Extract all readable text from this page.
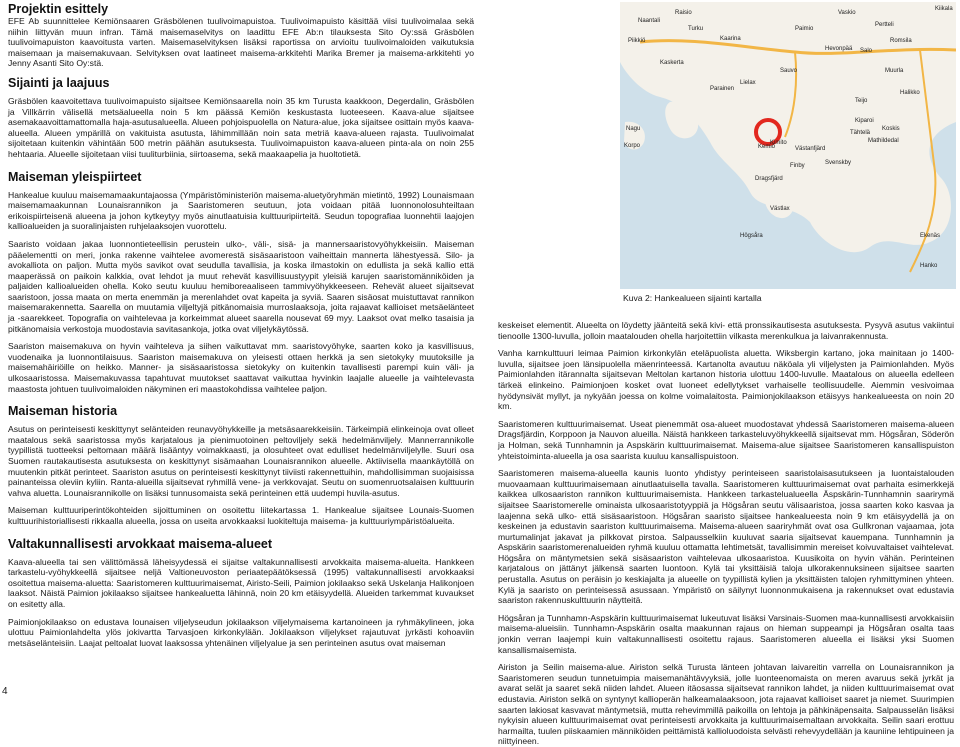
Projektin esittely

EFE Ab suunnittelee Kemiönsaaren Gräsbölenen tuulivoimapuistoa. Tuulivoimapuisto käsittää viisi tuulivoimalaa sekä niihin liittyvän muun infran. Tämä maisemaselvitys on laadittu EFE Ab:n tilauksesta Sito Oy:ssä Gräsbölen tuulivoimapuiston kaavoitusta varten. Maisemaselvityksen lisäksi raportissa on arvioitu tuulivoimaloiden vaikutuksia maisemaan ja maisemakuvaan. Selvityksen ovat laatineet maisema-arkkitehti Marika Bremer ja maisema-arkkitehti yo Jenny Asanti Sito Oy:stä.

Sijainti ja laajuus

Gräsbölen kaavoitettava tuulivoimapuisto sijaitsee Kemiönsaarella noin 35 km Turusta kaakkoon, Degerdalin, Gräsbölen ja Villkärrin välisellä metsäalueella noin 5 km päässä Kemiön keskustasta luoteeseen. Kaava-alue sijaitsee asemakaavoittamattomalla haja-asutusalueella. Alueen pohjoispuolella on Natura-alue, joka sijaitsee osittain myös kaava-alueella. Alueen ympärillä on vakituista asutusta, lähimmillään noin sata metriä kaava-alueen rajasta. Tuulivoimalat sijoitetaan kuitenkin vähintään 500 metrin päähän asutuksesta. Tuulivoimapuiston kaava-alueen pinta-ala on noin 255 hehtaaria. Alueelle sijoitetaan viisi tuuliturbiinia, siirtoasema, sekä maakaapelia ja huoltotietä.

Maiseman yleispiirteet

Hankealue kuuluu maisemamaakuntajaossa (Ympäristöministeriön maisema-aluetyöryhmän mietintö, 1992) Lounaismaan maisemamaakunnan Lounaisrannikon ja Saaristomeren seutuun, jota voidaan pitää luonnonolosuhteiltaan erikoispiirteisenä alueena ja johon kytkeytyy myös ainutlaatuisia kulttuuripiirteitä. Seudun topografiaa luonnehtii laajojen kallioalueiden ja suoralinjaisten ruhjelaaksojen vuorottelu.

Saaristo voidaan jakaa luonnontieteellisin perustein ulko-, väli-, sisä- ja mannersaaristovyöhykkeisiin. Maiseman pääelementti on meri, jonka rakenne vaihtelee avomerestä sisäsaaristoon vaiheittain mannerta lähestyessä. Silo- ja avokalliota on paljon. Mutta myös savikot ovat seudulla tavallisia, ja koska ilmastokin on edullista ja sekä kallio että maaperässä on paikoin kalkkia, ovat lehdot ja muut rehevät kasvillisuustyypit yleisiä karujen saaristomänniköiden ja paljaiden kallioalueiden ohella. Koko seutu kuuluu hemiboreaaliseen tammivyöhykkeeseen. Rehevät alueet sijaitsevat saaristoon, jossa maata on merta enemmän ja merenlahdet ovat kapeita ja syviä. Saaren sisäosat muistuttavat rannikon maisemarakennetta. Saarella on muutamia viljeltyjä pitkänomaisia murroslaaksoja, joita rajaavat kallioiset metsäelänteet ja -saarekkeet. Topografia on vaihtelevaa ja korkeimmat alueet saarella nousevat 69 myy. Laaksot ovat melko tasaisia ja pitkänomaisia verkostoja muodostavia savitasankoja, jotka ovat viljelykäytössä.

Saariston maisemakuva on hyvin vaihteleva ja siihen vaikuttavat mm. saaristovyöhyke, saarten koko ja kasvillisuus, vuodenaika ja luonnontilaisuus. Saariston maisemakuva on yleisesti ottaen herkkä ja sen sietokyky muutoksille ja maisemahäiriöille on heikko. Manner- ja sisäsaaristossa sietokyky on kuitenkin tavallisesti parempi kuin väli- ja ulkosaaristossa. Maisemakuvassa tapahtuvat muutokset saattavat vaikuttaa hyvinkin laajalle alueelle ja vaihtelevasta maastosta johtuen tuulivoimaloiden näkyminen eri maastokohdissa vaihtelee paljon.

Maiseman historia

Asutus on perinteisesti keskittynyt selänteiden reunavyöhykkeille ja metsäsaarekkeisiin. Tärkeimpiä elinkeinoja ovat olleet maatalous sekä saaristossa myös karjatalous ja pienimuotoinen peltoviljely sekä hedelmänviljely. Mannerrannikolle tyypillistä tuotteeksi peltomaan määrä lisääntyy voimakkaasti, ja olosuhteet ovat edulliset hedelmänviljelylle. Suuri osa Suomen rautakautisesta asutuksesta on keskittynyt sisämaahan Lounaisrannikon alueelle. Aktiivisella maankäytöllä on muutenkin pitkät perinteet. Saariston asutus on perinteisesti keskittynyt tiiviisti rakennettuihin, mahdollisimman suojaisissa painanteissa oleviin kyliin. Ranta-alueilla sijaitsevat ryhmillä vene- ja verkkovajat. Seutu on suomenruotsalaisen kulttuurin vahva aluetta. Lounaisrannikolle on lisäksi tunnusomaista sekä perinteinen että uudempi huvila-asutus.

Maiseman kulttuuriperintökohteiden sijoittuminen on osoitettu liitekartassa 1. Hankealue sijaitsee Lounais-Suomen kulttuurihistoriallisesti rikkaalla alueella, jossa on useita arvokkaaksi luokiteltuja maisema- ja kulttuuriympäristöalueita.

Valtakunnallisesti arvokkaat maisema-alueet

Kaava-alueella tai sen välittömässä läheisyydessä ei sijaitse valtakunnallisesti arvokkaita maisema-alueita. Hankkeen tarkastelu-vyöhykkeellä sijaitsee neljä Valtioneuvoston periaatepäätöksessä (1995) valtakunnallisesti arvokkaaksi osoitettua maisema-aluetta: Saaristomeren kulttuurimaisemat, Airisto-Seili, Paimion jokilaakso sekä Uskelanja Halikonjoen laaksot. Näistä Paimion jokilaakso sijaitsee hankealuetta lähinnä, noin 20 km etäisyydellä. Alueiden tarkemmat kuvaukset on esitetty alla.

Paimionjokilaakso on edustava lounaisen viljelyseudun jokilaakson viljelymaisema kartanoineen ja ryhmäkylineen, joka ulottuu Paimionlahdelta ylös jokivartta Tarvasjoen kirkonkylään. Jokilaakson viljelykset rajautuvat jyrkästi kohoaviin metsäselänteisiin. Laajat peltoalat luovat laaksossa yhtenäinen viljelyalue ja sen perinteinen asutus ovat maiseman

Naantali
Raisio
Turku
Kaarina
Paimio
Vaskio
Pertteli
Kiikala
Sauvo
Kaskerta
Lielax
Parainen
Muurla
Romsila
Salo
Teijo
Halikko
Kiparoi
Kimito
Västanfjärd
Dragsfjärd
Finby	Svenskby
Västlax
Högsåra	Ekenäs
Hanko
Nagu
Korpo
Tähtelä
Hevonpää
Piikkiö
Kemiö
Koskis
Mathildedal
Kuva 2: Hankealueen sijainti kartalla

keskeiset elementit. Alueelta on löydetty jäänteitä sekä kivi- että pronssikautisesta asutuksesta. Pysyvä asutus vakiintui tienoolle 1300-luvulla, jolloin maatalouden ohella harjoitettiin vilkasta merenkulkua ja laivanrakennusta.

Vanha karnkulttuuri leimaa Paimion kirkonkylän eteläpuolista aluetta. Wiksbergin kartano, joka mainitaan jo 1400-luvulla, sijaitsee joen länsipuolella mäenrinteessä. Kartanolta avautuu näköala yli viljelysten ja Paimionlahden. Myös Paimionlahden itärannalta sijaitsevan Meltolan kartanon historia ulottuu 1400-luvulle. Maatalous on alueella edelleen tärkeä elinkeino. Paimionjoen kosket ovat luoneet edellytykset varhaiselle teollisuudelle. Aiemmin vesivoimaa hyödynsivät myllyt, ja nykyään joessa on kolme voimalaitosta. Paimionjokilaakson etäisyys hankealueesta on noin 20 km.

Saaristomeren kulttuurimaisemat. Useat pienemmät osa-alueet muodostavat yhdessä Saaristomeren maisema-alueen Dragsfjärdin, Korppoon ja Nauvon alueilla. Näistä hankkeen tarkasteluvyöhykkeellä sijaitsevat mm. Högsåran, Söderön ja Holman, sekä Tunnhamnin ja Aspskärin kulttuurimaisemat. Maisema-alue sijaitsee Saaristomeren kansallispuiston yhteistoiminta-alueella ja osa saarista kuuluu kansallispuistoon.

Saaristomeren maisema-alueella kaunis luonto yhdistyy perinteiseen saaristolaisasutukseen ja luontaistalouden muovaamaan kulttuurimaisemaan ainutlaatuisella tavalla. Saaristomeren kulttuurimaisemat ovat parhaita esimerkkejä kaikkea ulkosaariston rannikon kulttuurimaisemista. Hankkeen tarkastelualueella Äspskärin-Tunnhamnin saarirymä sijaitsee Saaristomerelle ominaista ulkosaaristotyyppiä ja Högsåran seutu välisaaristoa, jossa saarten koko kasvaa ja laajenna sekä ulko- että sisäsaaristoon. Högsåran saaristo sijaitsee hankealueesta noin 9 km etäisyydellä ja on keskeinen ja edustavin saariston kulttuurimaisema. Maisema-alueen saariryhmät ovat osa Gullkronan vajaamaa, jota murtumalinjat jakavat ja pilkkovat pirstoa. Salpausselkiin kuuluvat saaria sijaitsevat kauempana. Tunnhamnin ja Aspskärin saaristomerenalueiden ryhmä kuuluu ottamatta lehtimetsät, tavallisimmin mereiset koivuvaltaiset vaihtelevat. Högsåra on mäntymetsien sekä sisäsaariston vaihtelevaa ulkosaaristoa. Kuusikoita on hyvin vähän. Perinteinen karjatalous on jättänyt jälkensä saarten luontoon. Kylä tai yksittäisiä taloja ulkorakennuksineen sijaitsee saarten perustalla. Asutus on peräisin jo keskiajalta ja alueelle on tyypillistä kylien ja yksittäisten talojen ryhmittyminen yhteen. Kylä ja saaristo on perinteisessä asussaan. Ympäristö on säilynyt luonnonmukaisena ja rakennukset ovat edustavia saariston rakennuskulttuurin näytteitä.

Högsåran ja Tunnhamn-Aspskärin kulttuurimaisemat lukeutuvat lisäksi Varsinais-Suomen maa-kunnallisesti arvokkaisiin maisema-alueisiin. Tunnhamn-Aspskärin osalta maakunnan rajaus on hieman suppeampi ja Högsåran osalta taas jonkin verran laajempi kuin valtakunnallisesti osoitettu rajaus. Saaristomeren alueella ei lisäksi yksi Suomen kansallismaisemista.

Airiston ja Seilin maisema-alue. Airiston selkä Turusta länteen johtavan laivareitin varrella on Lounaisrannikon ja Saaristomeren seudun tunnetuimpia maisemanähtävyyksiä, jolle luonteenomaista on meren avaruus sekä jyrkät ja avarat selät ja saaret sekä niiden lahdet. Alueen itäosassa sijaitsevat rannikon lahdet, ja niiden kulttuurimaisemat ovat edustavia. Airiston selkä on syntynyt kallioperän halkeamalaaksoon, jota rajaavat kallioiset saaret ja niemet. Suurimpien saarten lakiosat kasvavat mäntymetsiä, mutta rehevimmillä paikoilla on lehtoja ja pähkinäpensaita. Salpausselän lisäksi nykyisin alueen kulttuurimaisemat ovat perinteisesti arvokkaita ja kulttuurimaisemaltaan arvokkaita. Seilin saari erottuu harmailta, tuulen piiskaamien männiköiden peittämistä kallioluodoista selvästi rehevyydellään ja kauniine lehtipuineen ja niittyineen.

4
